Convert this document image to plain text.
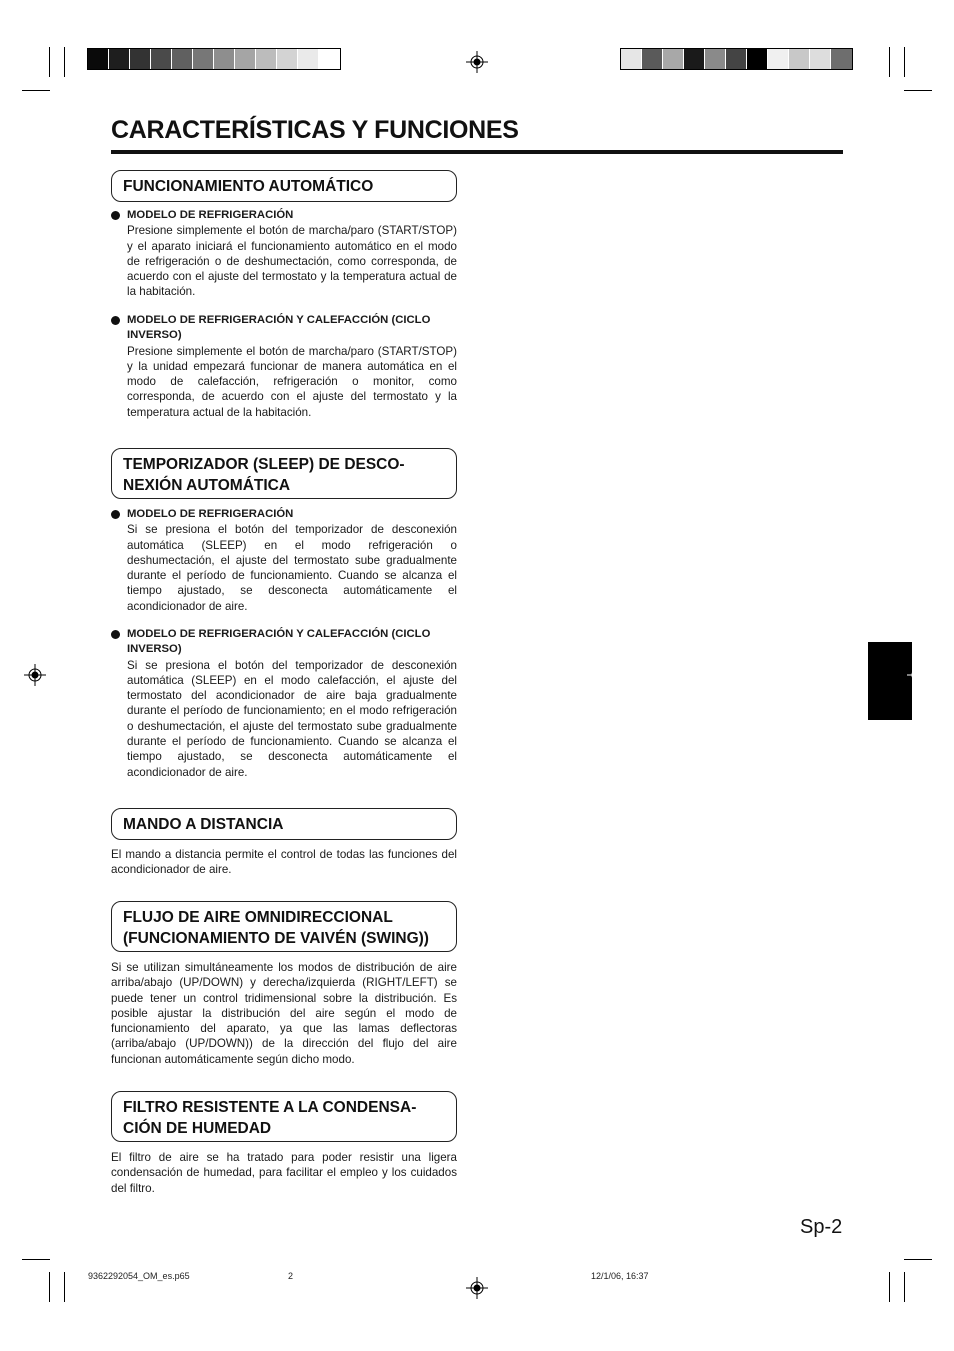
CARACTERÍSTICAS Y FUNCIONES
FUNCIONAMIENTO AUTOMÁTICO
MODELO DE REFRIGERACIÓN
Presione simplemente el botón de marcha/paro (START/STOP) y el aparato iniciará el funcionamiento automático en el modo de refrigeración o de deshumectación, como corresponda, de acuerdo con el ajuste del termostato y la temperatura actual de la habitación.
MODELO DE REFRIGERACIÓN Y CALEFACCIÓN (CICLO INVERSO)
Presione simplemente el botón de marcha/paro (START/STOP) y la unidad empezará funcionar de manera automática en el modo de calefacción, refrigeración o monitor, como corresponda, de acuerdo con el ajuste del termostato y la temperatura actual de la habitación.
TEMPORIZADOR (SLEEP) DE DESCO-
NEXIÓN AUTOMÁTICA
MODELO DE REFRIGERACIÓN
Si se presiona el botón del temporizador de desconexión automática (SLEEP) en el modo refrigeración o deshumectación, el ajuste del termostato sube gradualmente durante el período de funcionamiento. Cuando se alcanza el tiempo ajustado, se desconecta automáticamente el acondicionador de aire.
MODELO DE REFRIGERACIÓN Y CALEFACCIÓN (CICLO INVERSO)
Si se presiona el botón del temporizador de desconexión automática (SLEEP) en el modo calefacción, el ajuste del termostato del acondicionador de aire baja gradualmente durante el período de funcionamiento; en el modo refrigeración o deshumectación, el ajuste del termostato sube gradualmente durante el período de funcionamiento. Cuando se alcanza el tiempo ajustado, se desconecta automáticamente el acondicionador de aire.
MANDO A DISTANCIA
El mando a distancia permite el control de todas las funciones del acondicionador de aire.
FLUJO DE AIRE OMNIDIRECCIONAL
(FUNCIONAMIENTO DE VAIVÉN (SWING))
Si se utilizan simultáneamente los modos de distribución de aire arriba/abajo (UP/DOWN) y derecha/izquierda (RIGHT/LEFT) se puede tener un control tridimensional sobre la distribución. Es posible ajustar la distribución del aire según el modo de funcionamiento del aparato, ya que las lamas deflectoras (arriba/abajo (UP/DOWN)) de la dirección del flujo del aire funcionan automáticamente según dicho modo.
FILTRO RESISTENTE A LA CONDENSA-
CIÓN DE HUMEDAD
El filtro de aire se ha tratado para poder resistir una ligera condensación de humedad, para facilitar el empleo y los cuidados del filtro.
Sp-2
9362292054_OM_es.p65	2	12/1/06, 16:37
